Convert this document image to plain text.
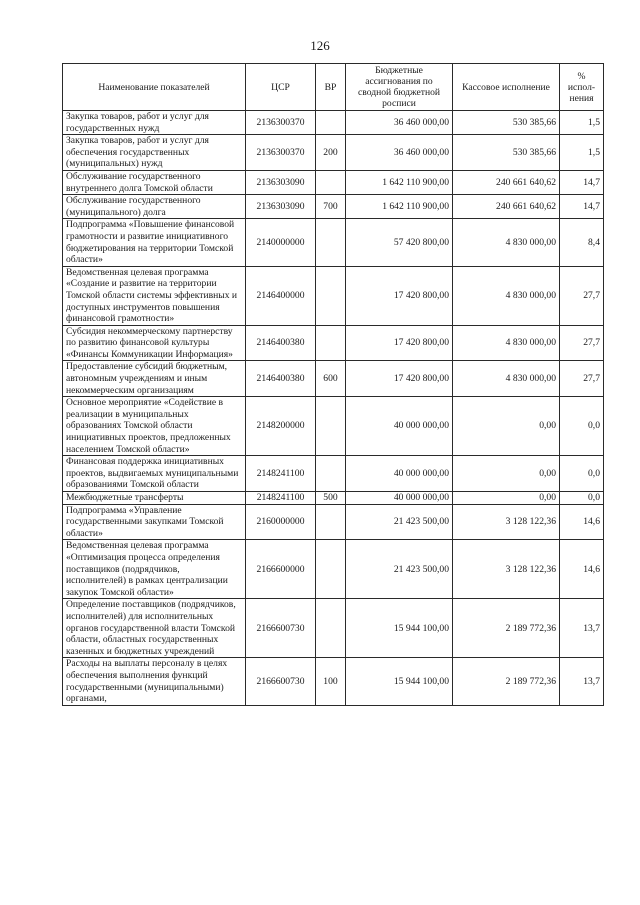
126
Наименование показателей	ЦСР	ВР	Бюджетные ассигнования по сводной бюджетной росписи	Кассовое исполнение	% испол-нения
Закупка товаров, работ и услуг для государственных нужд	2136300370		36 460 000,00	530 385,66	1,5
Закупка товаров, работ и услуг для обеспечения государственных (муниципальных) нужд	2136300370	200	36 460 000,00	530 385,66	1,5
Обслуживание государственного внутреннего долга Томской области	2136303090		1 642 110 900,00	240 661 640,62	14,7
Обслуживание государственного (муниципального) долга	2136303090	700	1 642 110 900,00	240 661 640,62	14,7
Подпрограмма «Повышение финансовой грамотности и развитие инициативного бюджетирования на территории Томской области»	2140000000		57 420 800,00	4 830 000,00	8,4
Ведомственная целевая программа «Создание и развитие на территории Томской области системы эффективных и доступных инструментов повышения финансовой грамотности»	2146400000		17 420 800,00	4 830 000,00	27,7
Субсидия некоммерческому партнерству по развитию финансовой культуры «Финансы Коммуникации Информация»	2146400380		17 420 800,00	4 830 000,00	27,7
Предоставление субсидий бюджетным, автономным учреждениям и иным некоммерческим организациям	2146400380	600	17 420 800,00	4 830 000,00	27,7
Основное мероприятие «Содействие в реализации в муниципальных образованиях Томской области инициативных проектов, предложенных населением Томской области»	2148200000		40 000 000,00	0,00	0,0
Финансовая поддержка инициативных проектов, выдвигаемых муниципальными образованиями Томской области	2148241100		40 000 000,00	0,00	0,0
Межбюджетные трансферты	2148241100	500	40 000 000,00	0,00	0,0
Подпрограмма «Управление государственными закупками Томской области»	2160000000		21 423 500,00	3 128 122,36	14,6
Ведомственная целевая программа «Оптимизация процесса определения поставщиков (подрядчиков, исполнителей) в рамках централизации закупок Томской области»	2166600000		21 423 500,00	3 128 122,36	14,6
Определение поставщиков (подрядчиков, исполнителей) для исполнительных органов государственной власти Томской области, областных государственных казенных и бюджетных учреждений	2166600730		15 944 100,00	2 189 772,36	13,7
Расходы на выплаты персоналу в целях обеспечения выполнения функций государственными (муниципальными) органами,	2166600730	100	15 944 100,00	2 189 772,36	13,7
